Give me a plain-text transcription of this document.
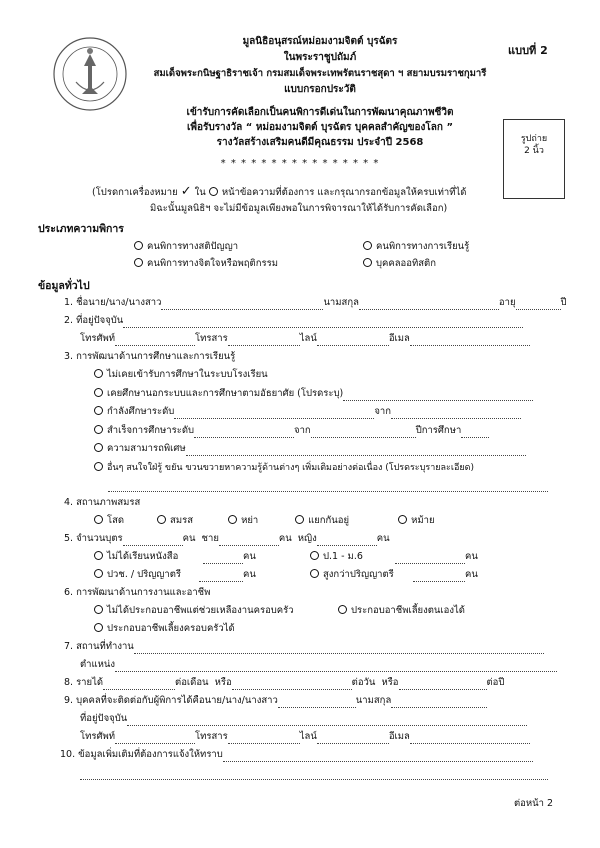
แบบที่ 2
รูปถ่าย
2 นิ้ว
มูลนิธิอนุสรณ์หม่อมงามจิตต์ บุรฉัตร
ในพระราชูปถัมภ์
สมเด็จพระกนิษฐาธิราชเจ้า กรมสมเด็จพระเทพรัตนราชสุดา ฯ สยามบรมราชกุมารี
แบบกรอกประวัติ
เข้ารับการคัดเลือกเป็นคนพิการดีเด่นในการพัฒนาคุณภาพชีวิต
เพื่อรับรางวัล “ หม่อมงามจิตต์ บุรฉัตร บุคคลสำคัญของโลก ”
รางวัลสร้างเสริมคนดีมีคุณธรรม ประจำปี 2568
* * * * * * * * * * * * * * * *
(โปรดกาเครื่องหมาย ✓ ใน หน้าข้อความที่ต้องการ และกรุณากรอกข้อมูลให้ครบเท่าที่ได้
มิฉะนั้นมูลนิธิฯ จะไม่มีข้อมูลเพียงพอในการพิจารณาให้ได้รับการคัดเลือก)
ประเภทความพิการ
คนพิการทางสติปัญญา	คนพิการทางการเรียนรู้
คนพิการทางจิตใจหรือพฤติกรรม	บุคคลออทิสติก
ข้อมูลทั่วไป
1. ชื่อนาย/นาง/นางสาว	นามสกุล	อายุ	ปี
2. ที่อยู่ปัจจุบัน
โทรศัพท์	โทรสาร	ไลน์	อีเมล
3. การพัฒนาด้านการศึกษาและการเรียนรู้
ไม่เคยเข้ารับการศึกษาในระบบโรงเรียน
เคยศึกษานอกระบบและการศึกษาตามอัธยาศัย (โปรดระบุ)
กำลังศึกษาระดับ	จาก
สำเร็จการศึกษาระดับ	จาก	ปีการศึกษา
ความสามารถพิเศษ
อื่นๆ สนใจใฝ่รู้ ขยัน ขวนขวายหาความรู้ด้านต่างๆ เพิ่มเติมอย่างต่อเนื่อง (โปรดระบุรายละเอียด)
4. สถานภาพสมรส
โสด	สมรส	หย่า	แยกกันอยู่	หม้าย
5. จำนวนบุตร	คน ชาย	คน หญิง	คน
ไม่ได้เรียนหนังสือ	คน	ป.1 - ม.6	คน
ปวช. / ปริญญาตรี	คน	สูงกว่าปริญญาตรี	คน
6. การพัฒนาด้านการงานและอาชีพ
ไม่ได้ประกอบอาชีพแต่ช่วยเหลืองานครอบครัว	ประกอบอาชีพเลี้ยงตนเองได้
ประกอบอาชีพเลี้ยงครอบครัวได้
7. สถานที่ทำงาน
ตำแหน่ง
8. รายได้	ต่อเดือน หรือ	ต่อวัน หรือ	ต่อปี
9. บุคคลที่จะติดต่อกับผู้พิการได้คือนาย/นาง/นางสาว	นามสกุล
ที่อยู่ปัจจุบัน
โทรศัพท์	โทรสาร	ไลน์	อีเมล
10. ข้อมูลเพิ่มเติมที่ต้องการแจ้งให้ทราบ
ต่อหน้า 2
